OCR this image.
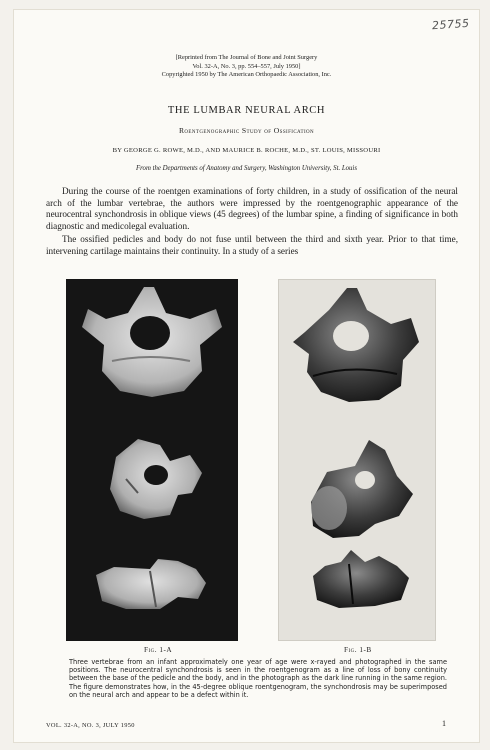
25755
[Reprinted from The Journal of Bone and Joint Surgery
Vol. 32-A, No. 3, pp. 554–557, July 1950]

Copyrighted 1950 by The American Orthopaedic Association, Inc.
THE LUMBAR NEURAL ARCH
Roentgenographic Study of Ossification
BY GEORGE G. ROWE, M.D., AND MAURICE B. ROCHE, M.D., ST. LOUIS, MISSOURI
From the Departments of Anatomy and Surgery, Washington University, St. Louis

During the course of the roentgen examinations of forty children, in a study of ossification of the neural arch of the lumbar vertebrae, the authors were impressed by the roentgenographic appearance of the neurocentral synchondrosis in oblique views (45 degrees) of the lumbar spine, a finding of significance in both diagnostic and medicolegal evaluation.

The ossified pedicles and body do not fuse until between the third and sixth year. Prior to that time, intervening cartilage maintains their continuity. In a study of a series

Fig. 1-A	Fig. 1-B
Three vertebrae from an infant approximately one year of age were x-rayed and photographed in the same positions. The neurocentral synchondrosis is seen in the roentgenogram as a line of loss of bony continuity between the base of the pedicle and the body, and in the photograph as the dark line running in the same region. The figure demonstrates how, in the 45-degree oblique roentgenogram, the synchondrosis may be superimposed on the neural arch and appear to be a defect within it.
VOL. 32-A, NO. 3, JULY 1950	1
